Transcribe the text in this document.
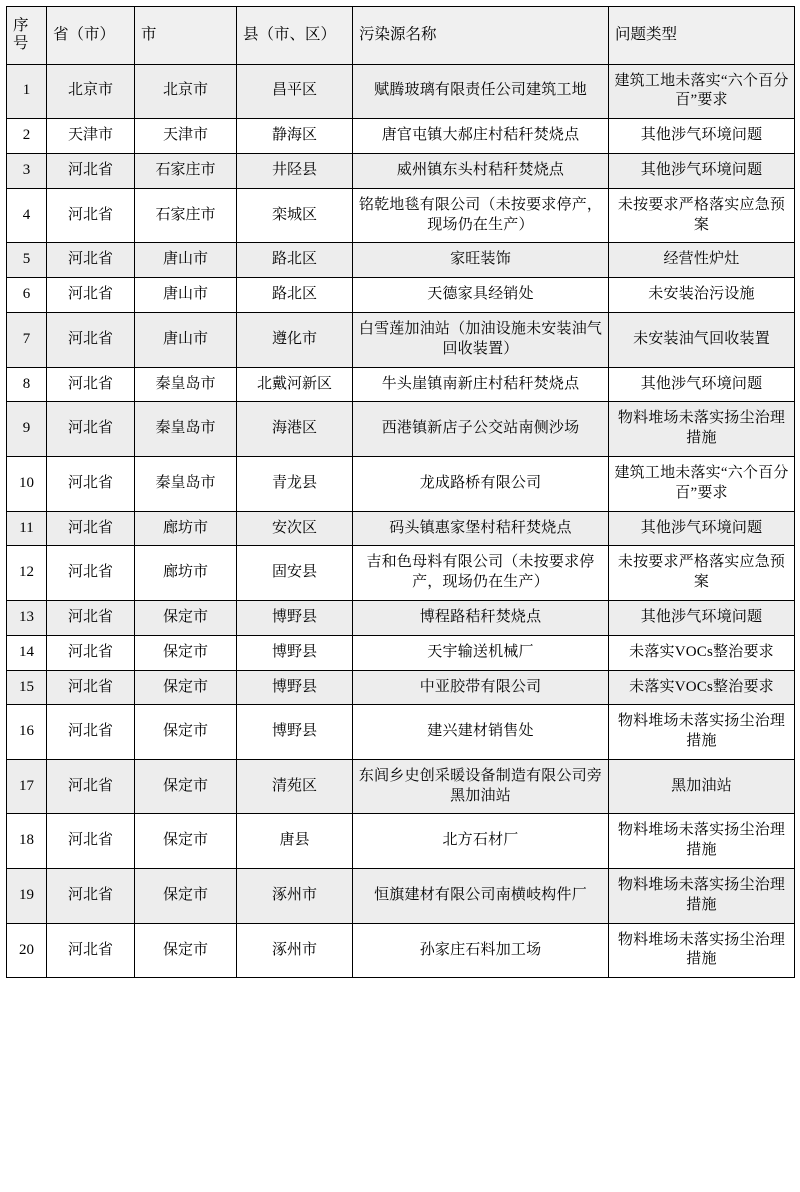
序
号	省（市）	市	县（市、区）	污染源名称	问题类型
1	北京市	北京市	昌平区	赋腾玻璃有限责任公司建筑工地	建筑工地未落实“六个百分百”要求
2	天津市	天津市	静海区	唐官屯镇大郝庄村秸秆焚烧点	其他涉气环境问题
3	河北省	石家庄市	井陉县	威州镇东头村秸秆焚烧点	其他涉气环境问题
4	河北省	石家庄市	栾城区	铭乾地毯有限公司（未按要求停产，现场仍在生产）	未按要求严格落实应急预案
5	河北省	唐山市	路北区	家旺装饰	经营性炉灶
6	河北省	唐山市	路北区	天德家具经销处	未安装治污设施
7	河北省	唐山市	遵化市	白雪莲加油站（加油设施未安装油气回收装置）	未安装油气回收装置
8	河北省	秦皇岛市	北戴河新区	牛头崖镇南新庄村秸秆焚烧点	其他涉气环境问题
9	河北省	秦皇岛市	海港区	西港镇新店子公交站南侧沙场	物料堆场未落实扬尘治理措施
10	河北省	秦皇岛市	青龙县	龙成路桥有限公司	建筑工地未落实“六个百分百”要求
11	河北省	廊坊市	安次区	码头镇惠家堡村秸秆焚烧点	其他涉气环境问题
12	河北省	廊坊市	固安县	吉和色母料有限公司（未按要求停产，现场仍在生产）	未按要求严格落实应急预案
13	河北省	保定市	博野县	博程路秸秆焚烧点	其他涉气环境问题
14	河北省	保定市	博野县	天宇输送机械厂	未落实VOCs整治要求
15	河北省	保定市	博野县	中亚胶带有限公司	未落实VOCs整治要求
16	河北省	保定市	博野县	建兴建材销售处	物料堆场未落实扬尘治理措施
17	河北省	保定市	清苑区	东闾乡史创采暖设备制造有限公司旁黑加油站	黑加油站
18	河北省	保定市	唐县	北方石材厂	物料堆场未落实扬尘治理措施
19	河北省	保定市	涿州市	恒旗建材有限公司南横岐构件厂	物料堆场未落实扬尘治理措施
20	河北省	保定市	涿州市	孙家庄石料加工场	物料堆场未落实扬尘治理措施
